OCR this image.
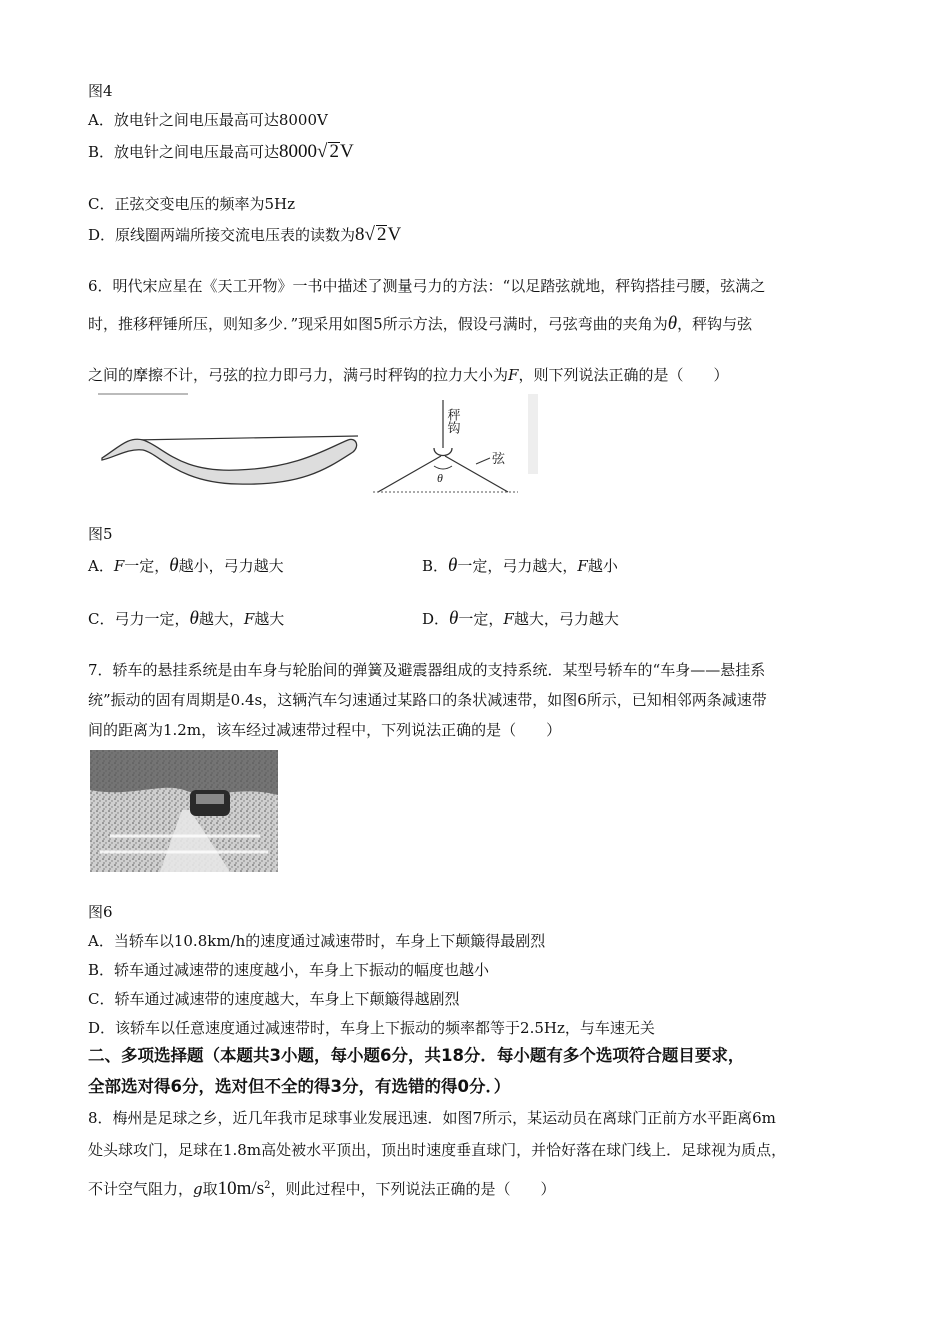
图4
A．放电针之间电压最高可达8000V
B．放电针之间电压最高可达8000√ 2V
C．正弦交变电压的频率为5Hz
D．原线圈两端所接交流电压表的读数为8√ 2V
6．明代宋应星在《天工开物》一书中描述了测量弓力的方法：“以足踏弦就地，秤钩搭挂弓腰，弦满之
时，推移秤锤所压，则知多少．”现采用如图5所示方法，假设弓满时，弓弦弯曲的夹角为θ，秤钩与弦
之间的摩擦不计，弓弦的拉力即弓力，满弓时秤钩的拉力大小为F，则下列说法正确的是（　　）
θ
秤钩
弦
图5
A．F一定，θ越小，弓力越大	B．θ一定，弓力越大，F越小
C．弓力一定，θ越大，F越大	D．θ一定，F越大，弓力越大
7．轿车的悬挂系统是由车身与轮胎间的弹簧及避震器组成的支持系统．某型号轿车的“车身——悬挂系
统”振动的固有周期是0.4s，这辆汽车匀速通过某路口的条状减速带，如图6所示，已知相邻两条减速带
间的距离为1.2m，该车经过减速带过程中，下列说法正确的是（　　）
图6
A．当轿车以10.8km/h的速度通过减速带时，车身上下颠簸得最剧烈
B．轿车通过减速带的速度越小，车身上下振动的幅度也越小
C．轿车通过减速带的速度越大，车身上下颠簸得越剧烈
D．该轿车以任意速度通过减速带时，车身上下振动的频率都等于2.5Hz，与车速无关
二、多项选择题（本题共3小题，每小题6分，共18分．每小题有多个选项符合题目要求，
全部选对得6分，选对但不全的得3分，有选错的得0分．）
8．梅州是足球之乡，近几年我市足球事业发展迅速．如图7所示，某运动员在离球门正前方水平距离6m
处头球攻门，足球在1.8m高处被水平顶出，顶出时速度垂直球门，并恰好落在球门线上．足球视为质点，
不计空气阻力，g取$10m/s^2$，则此过程中，下列说法正确的是（　　）
